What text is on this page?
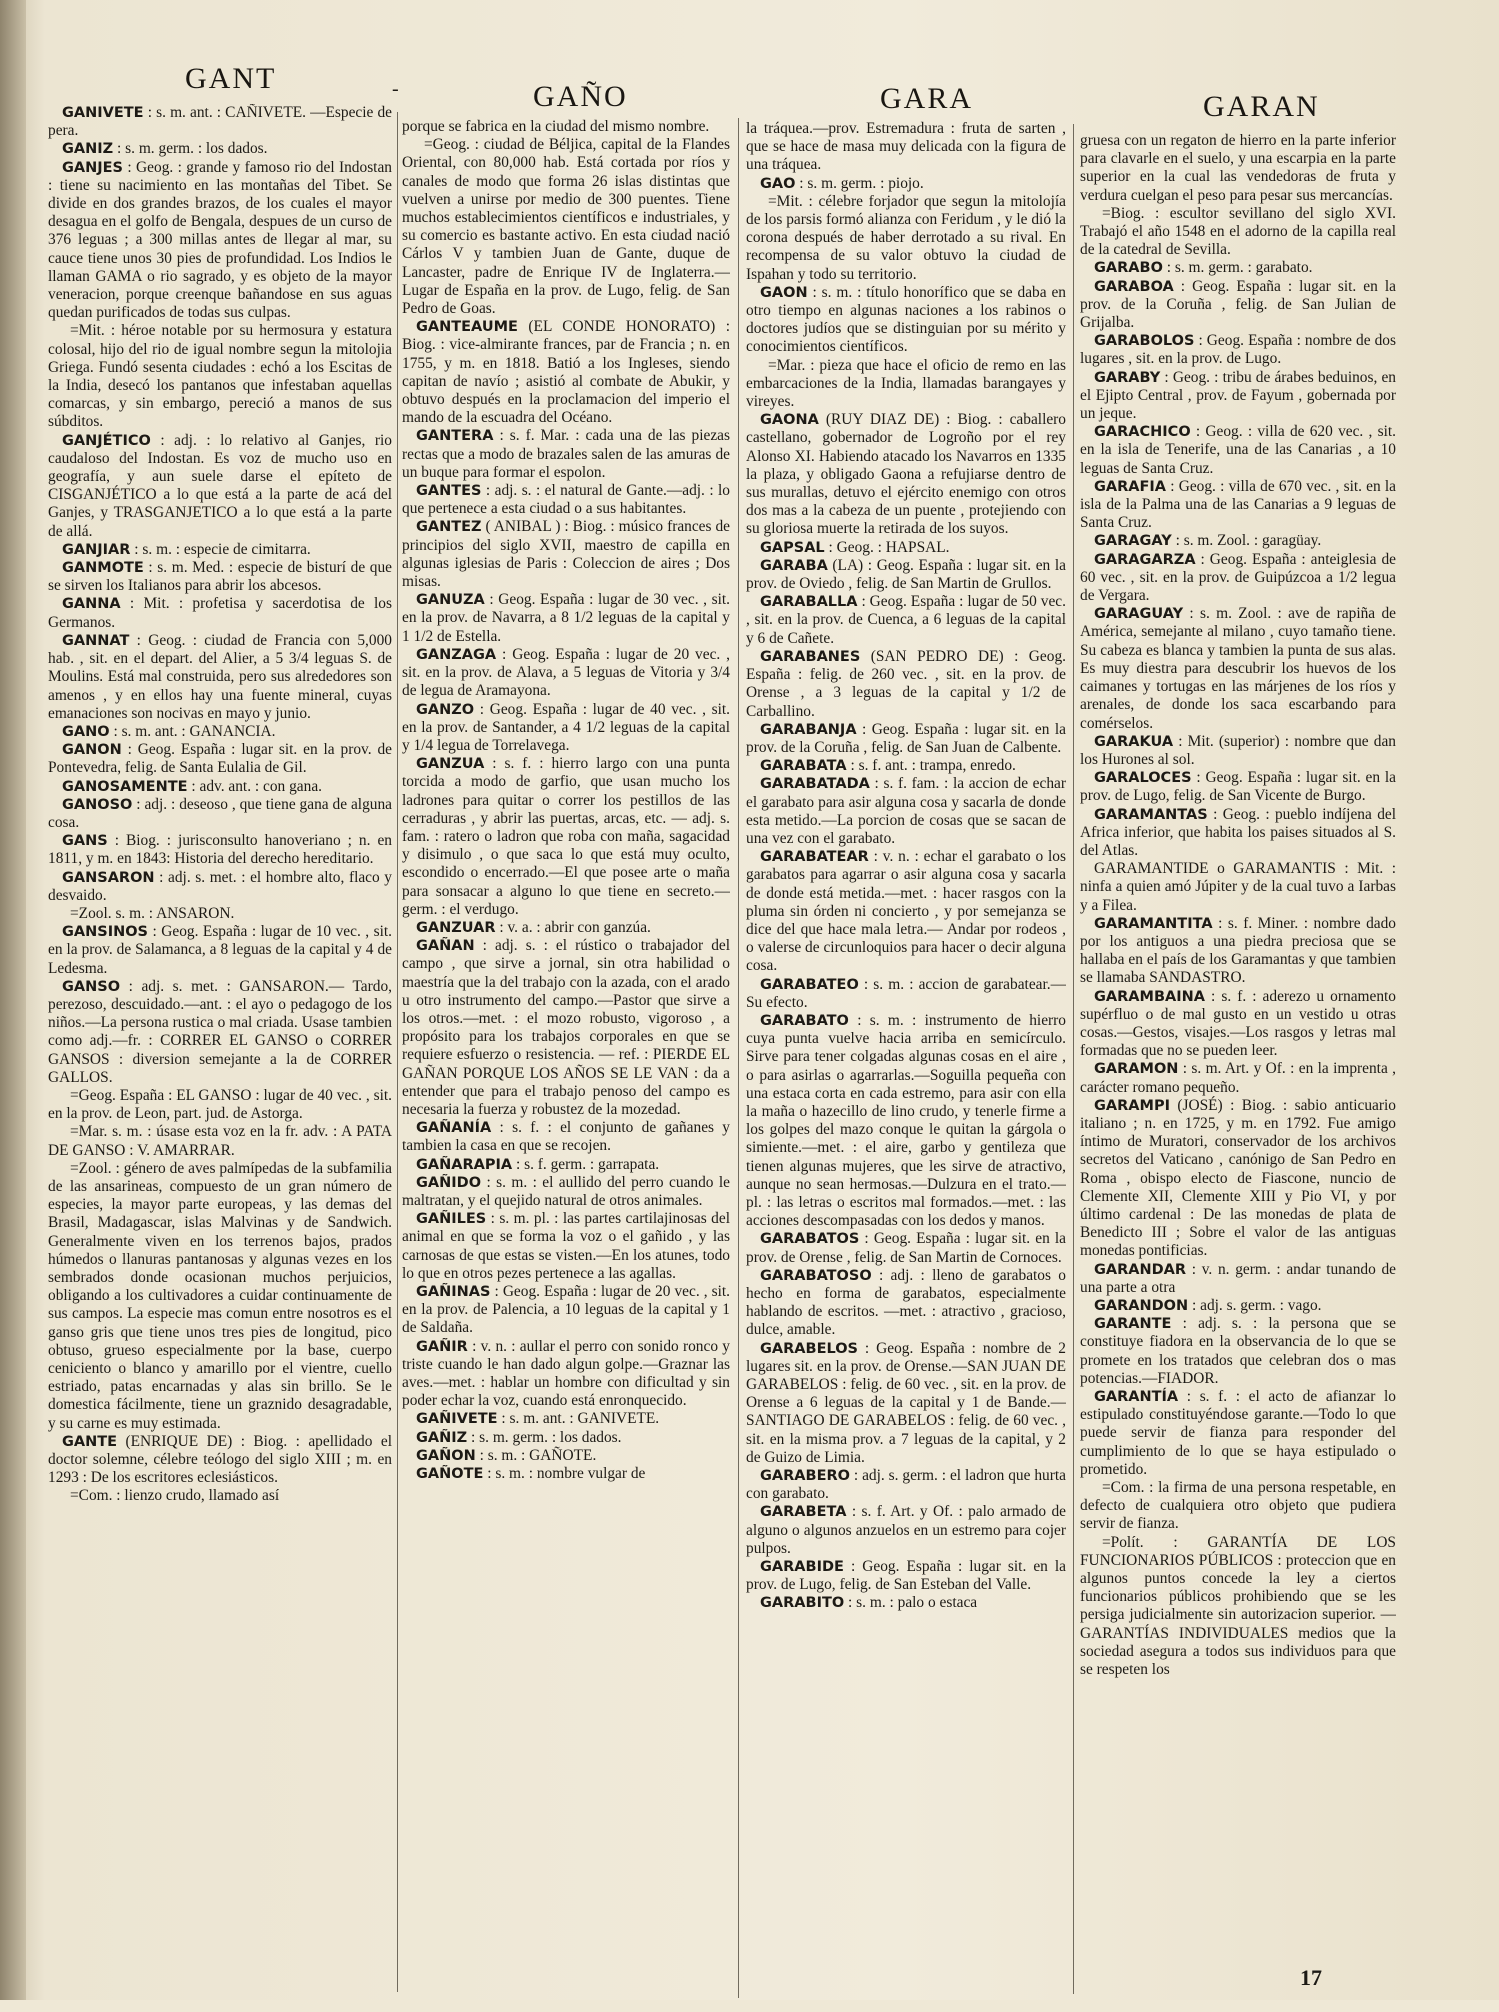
GANT	-	GAÑO	GARA	GARAN

GANIVETE : s. m. ant. : CAÑIVETE. —Especie de pera.

GANIZ : s. m. germ. : los dados.

GANJES : Geog. : grande y famoso rio del Indostan : tiene su nacimiento en las montañas del Tibet. Se divide en dos grandes brazos, de los cuales el mayor desagua en el golfo de Bengala, despues de un curso de 376 leguas ; a 300 millas antes de llegar al mar, su cauce tiene unos 30 pies de profundidad. Los Indios le llaman GAMA o rio sagrado, y es objeto de la mayor veneracion, porque creenque bañandose en sus aguas quedan purificados de todas sus culpas.

=Mit. : héroe notable por su hermosura y estatura colosal, hijo del rio de igual nombre segun la mitolojia Griega. Fundó sesenta ciudades : echó a los Escitas de la India, desecó los pantanos que infestaban aquellas comarcas, y sin embargo, pereció a manos de sus súbditos.

GANJÉTICO : adj. : lo relativo al Ganjes, rio caudaloso del Indostan. Es voz de mucho uso en geografía, y aun suele darse el epíteto de CISGANJÉTICO a lo que está a la parte de acá del Ganjes, y TRASGANJETICO a lo que está a la parte de allá.

GANJIAR : s. m. : especie de cimitarra.

GANMOTE : s. m. Med. : especie de bisturí de que se sirven los Italianos para abrir los abcesos.

GANNA : Mit. : profetisa y sacerdotisa de los Germanos.

GANNAT : Geog. : ciudad de Francia con 5,000 hab. , sit. en el depart. del Alier, a 5 3/4 leguas S. de Moulins. Está mal construida, pero sus alrededores son amenos , y en ellos hay una fuente mineral, cuyas emanaciones son nocivas en mayo y junio.

GANO : s. m. ant. : GANANCIA.

GANON : Geog. España : lugar sit. en la prov. de Pontevedra, felig. de Santa Eulalia de Gil.

GANOSAMENTE : adv. ant. : con gana.

GANOSO : adj. : deseoso , que tiene gana de alguna cosa.

GANS : Biog. : jurisconsulto hanoveriano ; n. en 1811, y m. en 1843: Historia del derecho hereditario.

GANSARON : adj. s. met. : el hombre alto, flaco y desvaido.

=Zool. s. m. : ANSARON.

GANSINOS : Geog. España : lugar de 10 vec. , sit. en la prov. de Salamanca, a 8 leguas de la capital y 4 de Ledesma.

GANSO : adj. s. met. : GANSARON.— Tardo, perezoso, descuidado.—ant. : el ayo o pedagogo de los niños.—La persona rustica o mal criada. Usase tambien como adj.—fr. : CORRER EL GANSO o CORRER GANSOS : diversion semejante a la de CORRER GALLOS.

=Geog. España : EL GANSO : lugar de 40 vec. , sit. en la prov. de Leon, part. jud. de Astorga.

=Mar. s. m. : úsase esta voz en la fr. adv. : A PATA DE GANSO : V. AMARRAR.

=Zool. : género de aves palmípedas de la subfamilia de las ansarineas, compuesto de un gran número de especies, la mayor parte europeas, y las demas del Brasil, Madagascar, islas Malvinas y de Sandwich. Generalmente viven en los terrenos bajos, prados húmedos o llanuras pantanosas y algunas vezes en los sembrados donde ocasionan muchos perjuicios, obligando a los cultivadores a cuidar continuamente de sus campos. La especie mas comun entre nosotros es el ganso gris que tiene unos tres pies de longitud, pico obtuso, grueso especialmente por la base, cuerpo ceniciento o blanco y amarillo por el vientre, cuello estriado, patas encarnadas y alas sin brillo. Se le domestica fácilmente, tiene un graznido desagradable, y su carne es muy estimada.

GANTE (ENRIQUE DE) : Biog. : apellidado el doctor solemne, célebre teólogo del siglo XIII ; m. en 1293 : De los escritores eclesiásticos.

=Com. : lienzo crudo, llamado así

porque se fabrica en la ciudad del mismo nombre.

=Geog. : ciudad de Béljica, capital de la Flandes Oriental, con 80,000 hab. Está cortada por ríos y canales de modo que forma 26 islas distintas que vuelven a unirse por medio de 300 puentes. Tiene muchos establecimientos científicos e industriales, y su comercio es bastante activo. En esta ciudad nació Cárlos V y tambien Juan de Gante, duque de Lancaster, padre de Enrique IV de Inglaterra.—Lugar de España en la prov. de Lugo, felig. de San Pedro de Goas.

GANTEAUME (EL CONDE HONORATO) : Biog. : vice-almirante frances, par de Francia ; n. en 1755, y m. en 1818. Batió a los Ingleses, siendo capitan de navío ; asistió al combate de Abukir, y obtuvo después en la proclamacion del imperio el mando de la escuadra del Océano.

GANTERA : s. f. Mar. : cada una de las piezas rectas que a modo de brazales salen de las amuras de un buque para formar el espolon.

GANTES : adj. s. : el natural de Gante.—adj. : lo que pertenece a esta ciudad o a sus habitantes.

GANTEZ ( ANIBAL ) : Biog. : músico frances de principios del siglo XVII, maestro de capilla en algunas iglesias de Paris : Coleccion de aires ; Dos misas.

GANUZA : Geog. España : lugar de 30 vec. , sit. en la prov. de Navarra, a 8 1/2 leguas de la capital y 1 1/2 de Estella.

GANZAGA : Geog. España : lugar de 20 vec. , sit. en la prov. de Alava, a 5 leguas de Vitoria y 3/4 de legua de Aramayona.

GANZO : Geog. España : lugar de 40 vec. , sit. en la prov. de Santander, a 4 1/2 leguas de la capital y 1/4 legua de Torrelavega.

GANZUA : s. f. : hierro largo con una punta torcida a modo de garfio, que usan mucho los ladrones para quitar o correr los pestillos de las cerraduras , y abrir las puertas, arcas, etc. — adj. s. fam. : ratero o ladron que roba con maña, sagacidad y disimulo , o que saca lo que está muy oculto, escondido o encerrado.—El que posee arte o maña para sonsacar a alguno lo que tiene en secreto.—germ. : el verdugo.

GANZUAR : v. a. : abrir con ganzúa.

GAÑAN : adj. s. : el rústico o trabajador del campo , que sirve a jornal, sin otra habilidad o maestría que la del trabajo con la azada, con el arado u otro instrumento del campo.—Pastor que sirve a los otros.—met. : el mozo robusto, vigoroso , a propósito para los trabajos corporales en que se requiere esfuerzo o resistencia. — ref. : PIERDE EL GAÑAN PORQUE LOS AÑOS SE LE VAN : da a entender que para el trabajo penoso del campo es necesaria la fuerza y robustez de la mozedad.

GAÑANÍA : s. f. : el conjunto de gañanes y tambien la casa en que se recojen.

GAÑARAPIA : s. f. germ. : garrapata.

GAÑIDO : s. m. : el aullido del perro cuando le maltratan, y el quejido natural de otros animales.

GAÑILES : s. m. pl. : las partes cartilajinosas del animal en que se forma la voz o el gañido , y las carnosas de que estas se visten.—En los atunes, todo lo que en otros pezes pertenece a las agallas.

GAÑINAS : Geog. España : lugar de 20 vec. , sit. en la prov. de Palencia, a 10 leguas de la capital y 1 de Saldaña.

GAÑIR : v. n. : aullar el perro con sonido ronco y triste cuando le han dado algun golpe.—Graznar las aves.—met. : hablar un hombre con dificultad y sin poder echar la voz, cuando está enronquecido.

GAÑIVETE : s. m. ant. : GANIVETE.

GAÑIZ : s. m. germ. : los dados.

GAÑON : s. m. : GAÑOTE.

GAÑOTE : s. m. : nombre vulgar de

la tráquea.—prov. Estremadura : fruta de sarten , que se hace de masa muy delicada con la figura de una tráquea.

GAO : s. m. germ. : piojo.

=Mit. : célebre forjador que segun la mitolojía de los parsis formó alianza con Feridum , y le dió la corona después de haber derrotado a su rival. En recompensa de su valor obtuvo la ciudad de Ispahan y todo su territorio.

GAON : s. m. : título honorífico que se daba en otro tiempo en algunas naciones a los rabinos o doctores judíos que se distinguian por su mérito y conocimientos científicos.

=Mar. : pieza que hace el oficio de remo en las embarcaciones de la India, llamadas barangayes y vireyes.

GAONA (RUY DIAZ DE) : Biog. : caballero castellano, gobernador de Logroño por el rey Alonso XI. Habiendo atacado los Navarros en 1335 la plaza, y obligado Gaona a refujiarse dentro de sus murallas, detuvo el ejército enemigo con otros dos mas a la cabeza de un puente , protejiendo con su gloriosa muerte la retirada de los suyos.

GAPSAL : Geog. : HAPSAL.

GARABA (LA) : Geog. España : lugar sit. en la prov. de Oviedo , felig. de San Martin de Grullos.

GARABALLA : Geog. España : lugar de 50 vec. , sit. en la prov. de Cuenca, a 6 leguas de la capital y 6 de Cañete.

GARABANES (SAN PEDRO DE) : Geog. España : felig. de 260 vec. , sit. en la prov. de Orense , a 3 leguas de la capital y 1/2 de Carballino.

GARABANJA : Geog. España : lugar sit. en la prov. de la Coruña , felig. de San Juan de Calbente.

GARABATA : s. f. ant. : trampa, enredo.

GARABATADA : s. f. fam. : la accion de echar el garabato para asir alguna cosa y sacarla de donde esta metido.—La porcion de cosas que se sacan de una vez con el garabato.

GARABATEAR : v. n. : echar el garabato o los garabatos para agarrar o asir alguna cosa y sacarla de donde está metida.—met. : hacer rasgos con la pluma sin órden ni concierto , y por semejanza se dice del que hace mala letra.— Andar por rodeos , o valerse de circunloquios para hacer o decir alguna cosa.

GARABATEO : s. m. : accion de garabatear.—Su efecto.

GARABATO : s. m. : instrumento de hierro cuya punta vuelve hacia arriba en semicírculo. Sirve para tener colgadas algunas cosas en el aire , o para asirlas o agarrarlas.—Soguilla pequeña con una estaca corta en cada estremo, para asir con ella la maña o hazecillo de lino crudo, y tenerle firme a los golpes del mazo conque le quitan la gárgola o simiente.—met. : el aire, garbo y gentileza que tienen algunas mujeres, que les sirve de atractivo, aunque no sean hermosas.—Dulzura en el trato.—pl. : las letras o escritos mal formados.—met. : las acciones descompasadas con los dedos y manos.

GARABATOS : Geog. España : lugar sit. en la prov. de Orense , felig. de San Martin de Cornoces.

GARABATOSO : adj. : lleno de garabatos o hecho en forma de garabatos, especialmente hablando de escritos. —met. : atractivo , gracioso, dulce, amable.

GARABELOS : Geog. España : nombre de 2 lugares sit. en la prov. de Orense.—SAN JUAN DE GARABELOS : felig. de 60 vec. , sit. en la prov. de Orense a 6 leguas de la capital y 1 de Bande.— SANTIAGO DE GARABELOS : felig. de 60 vec. , sit. en la misma prov. a 7 leguas de la capital, y 2 de Guizo de Limia.

GARABERO : adj. s. germ. : el ladron que hurta con garabato.

GARABETA : s. f. Art. y Of. : palo armado de alguno o algunos anzuelos en un estremo para cojer pulpos.

GARABIDE : Geog. España : lugar sit. en la prov. de Lugo, felig. de San Esteban del Valle.

GARABITO : s. m. : palo o estaca

gruesa con un regaton de hierro en la parte inferior para clavarle en el suelo, y una escarpia en la parte superior en la cual las vendedoras de fruta y verdura cuelgan el peso para pesar sus mercancías.

=Biog. : escultor sevillano del siglo XVI. Trabajó el año 1548 en el adorno de la capilla real de la catedral de Sevilla.

GARABO : s. m. germ. : garabato.

GARABOA : Geog. España : lugar sit. en la prov. de la Coruña , felig. de San Julian de Grijalba.

GARABOLOS : Geog. España : nombre de dos lugares , sit. en la prov. de Lugo.

GARABY : Geog. : tribu de árabes beduinos, en el Ejipto Central , prov. de Fayum , gobernada por un jeque.

GARACHICO : Geog. : villa de 620 vec. , sit. en la isla de Tenerife, una de las Canarias , a 10 leguas de Santa Cruz.

GARAFIA : Geog. : villa de 670 vec. , sit. en la isla de la Palma una de las Canarias a 9 leguas de Santa Cruz.

GARAGAY : s. m. Zool. : garagüay.

GARAGARZA : Geog. España : anteiglesia de 60 vec. , sit. en la prov. de Guipúzcoa a 1/2 legua de Vergara.

GARAGUAY : s. m. Zool. : ave de rapiña de América, semejante al milano , cuyo tamaño tiene. Su cabeza es blanca y tambien la punta de sus alas. Es muy diestra para descubrir los huevos de los caimanes y tortugas en las márjenes de los ríos y arenales, de donde los saca escarbando para comérselos.

GARAKUA : Mit. (superior) : nombre que dan los Hurones al sol.

GARALOCES : Geog. España : lugar sit. en la prov. de Lugo, felig. de San Vicente de Burgo.

GARAMANTAS : Geog. : pueblo indíjena del Africa inferior, que habita los paises situados al S. del Atlas.

GARAMANTIDE o GARAMANTIS : Mit. : ninfa a quien amó Júpiter y de la cual tuvo a Iarbas y a Filea.

GARAMANTITA : s. f. Miner. : nombre dado por los antiguos a una piedra preciosa que se hallaba en el país de los Garamantas y que tambien se llamaba SANDASTRO.

GARAMBAINA : s. f. : aderezo u ornamento supérfluo o de mal gusto en un vestido u otras cosas.—Gestos, visajes.—Los rasgos y letras mal formadas que no se pueden leer.

GARAMON : s. m. Art. y Of. : en la imprenta , carácter romano pequeño.

GARAMPI (JOSÉ) : Biog. : sabio anticuario italiano ; n. en 1725, y m. en 1792. Fue amigo íntimo de Muratori, conservador de los archivos secretos del Vaticano , canónigo de San Pedro en Roma , obispo electo de Fiascone, nuncio de Clemente XII, Clemente XIII y Pio VI, y por último cardenal : De las monedas de plata de Benedicto III ; Sobre el valor de las antiguas monedas pontificias.

GARANDAR : v. n. germ. : andar tunando de una parte a otra

GARANDON : adj. s. germ. : vago.

GARANTE : adj. s. : la persona que se constituye fiadora en la observancia de lo que se promete en los tratados que celebran dos o mas potencias.—FIADOR.

GARANTÍA : s. f. : el acto de afianzar lo estipulado constituyéndose garante.—Todo lo que puede servir de fianza para responder del cumplimiento de lo que se haya estipulado o prometido.

=Com. : la firma de una persona respetable, en defecto de cualquiera otro objeto que pudiera servir de fianza.

=Polít. : GARANTÍA DE LOS FUNCIONARIOS PÚBLICOS : proteccion que en algunos puntos concede la ley a ciertos funcionarios públicos prohibiendo que se les persiga judicialmente sin autorizacion superior. —GARANTÍAS INDIVIDUALES medios que la sociedad asegura a todos sus individuos para que se respeten los

17
